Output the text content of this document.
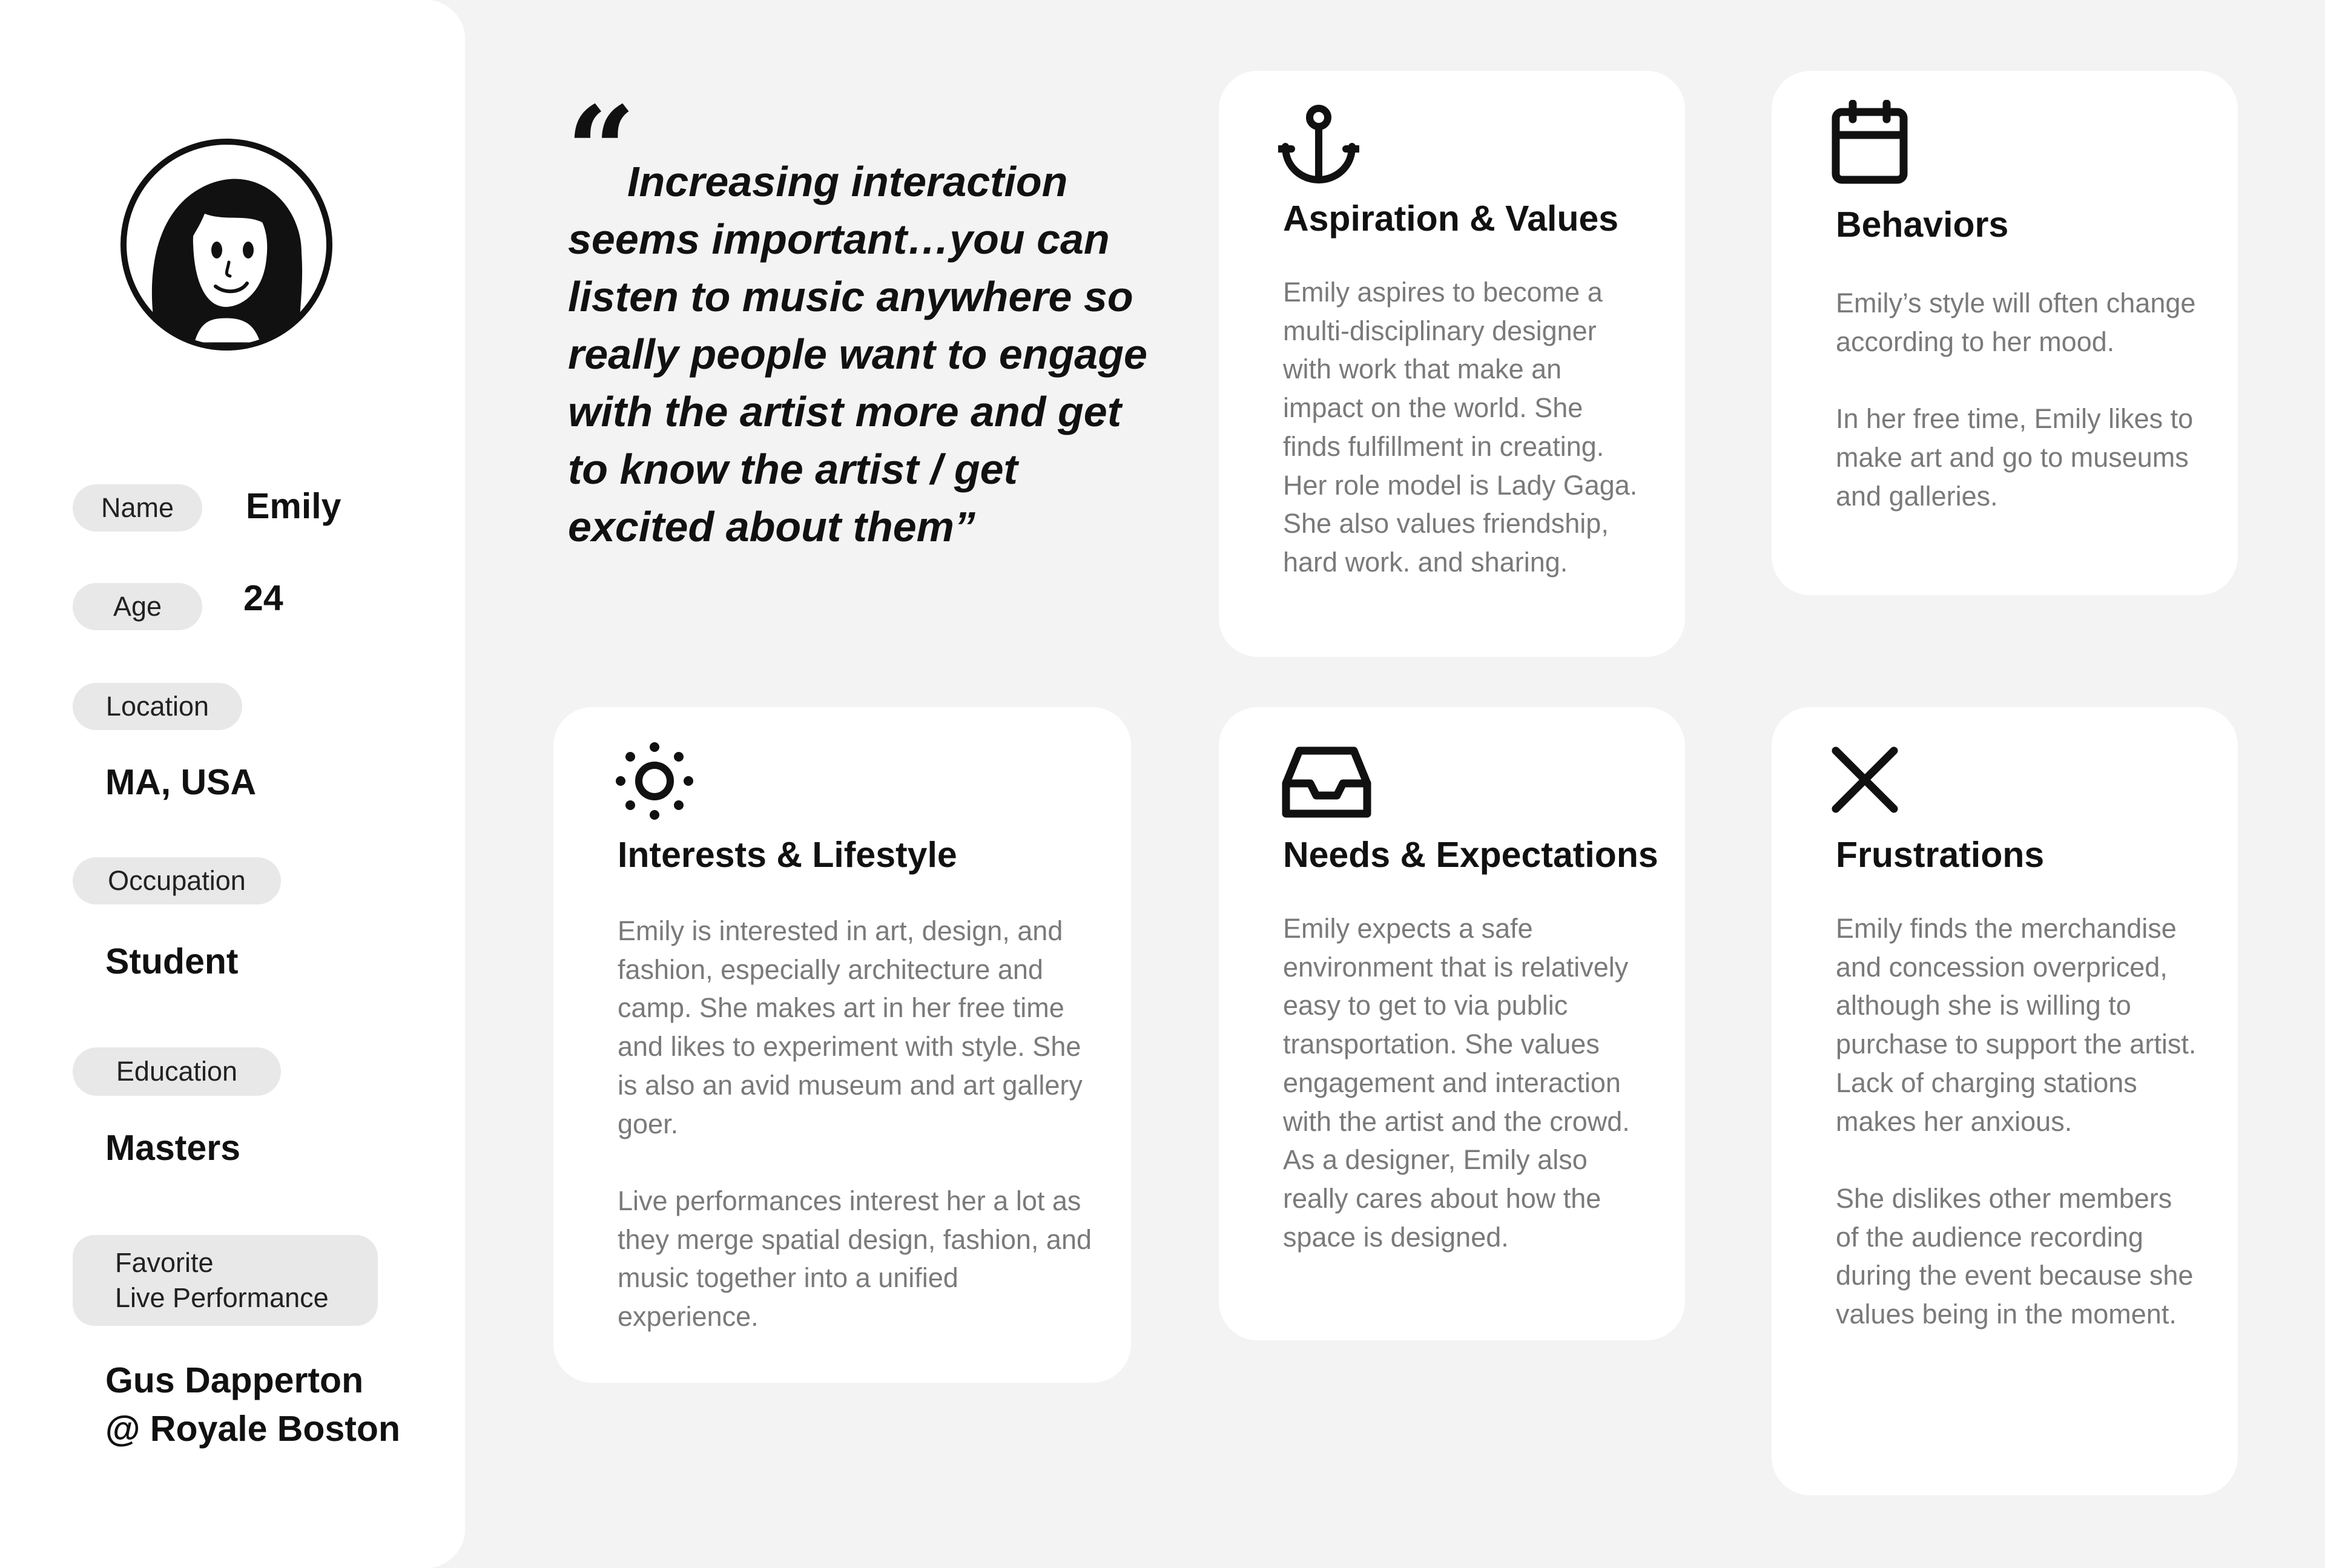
Name	Emily
Age	24
Location
MA, USA
Occupation
Student
Education
Masters
Favorite
Live Performance
Gus Dapperton
@ Royale Boston
“
Increasing interaction seems important…you can listen to music anywhere so really people want to engage with the artist more and get to know the artist / get excited about them”
Aspiration & Values

Emily aspires to become a multi-disciplinary designer with work that make an impact on the world. She finds fulfillment in creating. Her role model is Lady Gaga. She also values friendship, hard work. and sharing.

Behaviors

Emily’s style will often change according to her mood.

In her free time, Emily likes to make art and go to museums and galleries.

Interests & Lifestyle

Emily is interested in art, design, and fashion, especially architecture and camp. She makes art in her free time and likes to experiment with style. She is also an avid museum and art gallery goer.

Live performances interest her a lot as they merge spatial design, fashion, and music together into a unified experience.

Needs & Expectations

Emily expects a safe environment that is relatively easy to get to via public transportation. She values engagement and interaction with the artist and the crowd. As a designer, Emily also really cares about how the space is designed.

Frustrations

Emily finds the merchandise and concession overpriced, although she is willing to purchase to support the artist. Lack of charging stations makes her anxious.

She dislikes other members of the audience recording during the event because she values being in the moment.
